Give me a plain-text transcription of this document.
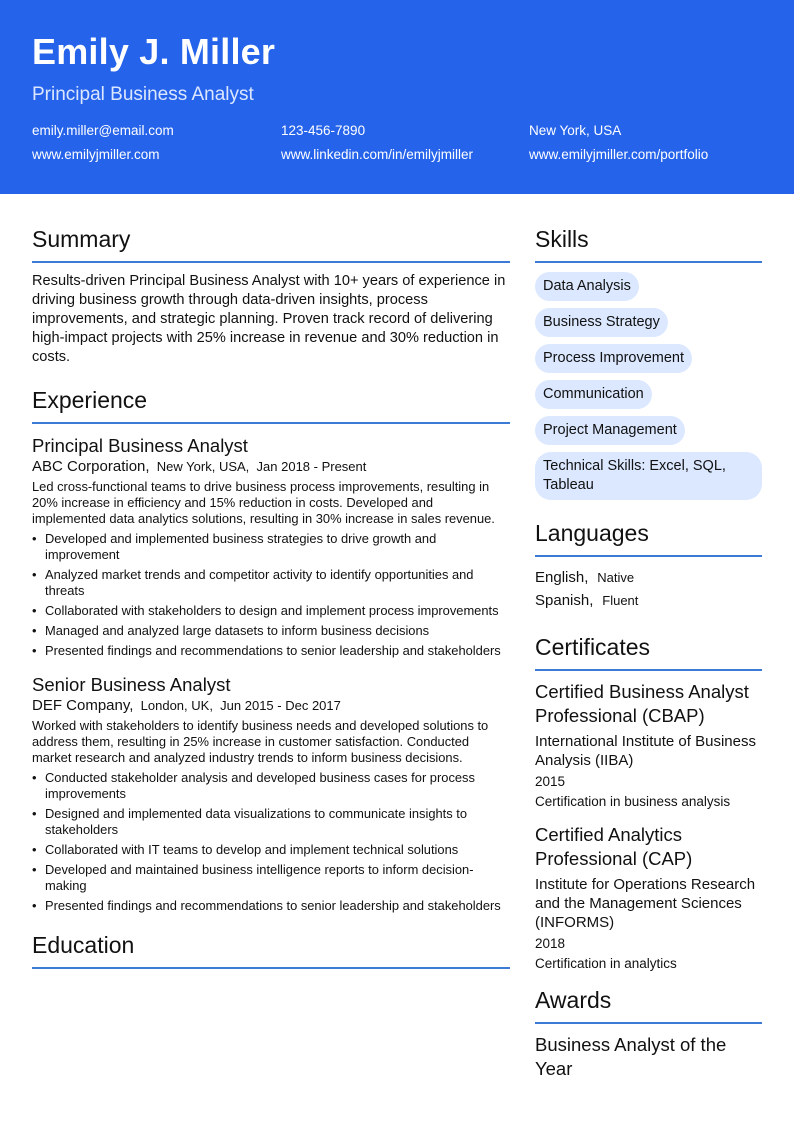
Emily J. Miller
Principal Business Analyst
emily.miller@email.com	123-456-7890	New York, USA
www.emilyjmiller.com	www.linkedin.com/in/emilyjmiller	www.emilyjmiller.com/portfolio
Summary
Results-driven Principal Business Analyst with 10+ years of experience in driving business growth through data-driven insights, process improvements, and strategic planning. Proven track record of delivering high-impact projects with 25% increase in revenue and 30% reduction in costs.
Experience
Principal Business Analyst
ABC Corporation, New York, USA, Jan 2018 - Present
Led cross-functional teams to drive business process improvements, resulting in 20% increase in efficiency and 15% reduction in costs. Developed and implemented data analytics solutions, resulting in 30% increase in sales revenue.
• Developed and implemented business strategies to drive growth and improvement
• Analyzed market trends and competitor activity to identify opportunities and threats
• Collaborated with stakeholders to design and implement process improvements
• Managed and analyzed large datasets to inform business decisions
• Presented findings and recommendations to senior leadership and stakeholders
Senior Business Analyst
DEF Company, London, UK, Jun 2015 - Dec 2017
Worked with stakeholders to identify business needs and developed solutions to address them, resulting in 25% increase in customer satisfaction. Conducted market research and analyzed industry trends to inform business decisions.
• Conducted stakeholder analysis and developed business cases for process improvements
• Designed and implemented data visualizations to communicate insights to stakeholders
• Collaborated with IT teams to develop and implement technical solutions
• Developed and maintained business intelligence reports to inform decision-making
• Presented findings and recommendations to senior leadership and stakeholders
Education
Skills
Data Analysis
Business Strategy
Process Improvement
Communication
Project Management
Technical Skills: Excel, SQL, Tableau
Languages
English, Native
Spanish, Fluent
Certificates
Certified Business Analyst Professional (CBAP)
International Institute of Business Analysis (IIBA)
2015
Certification in business analysis
Certified Analytics Professional (CAP)
Institute for Operations Research and the Management Sciences (INFORMS)
2018
Certification in analytics
Awards
Business Analyst of the Year
